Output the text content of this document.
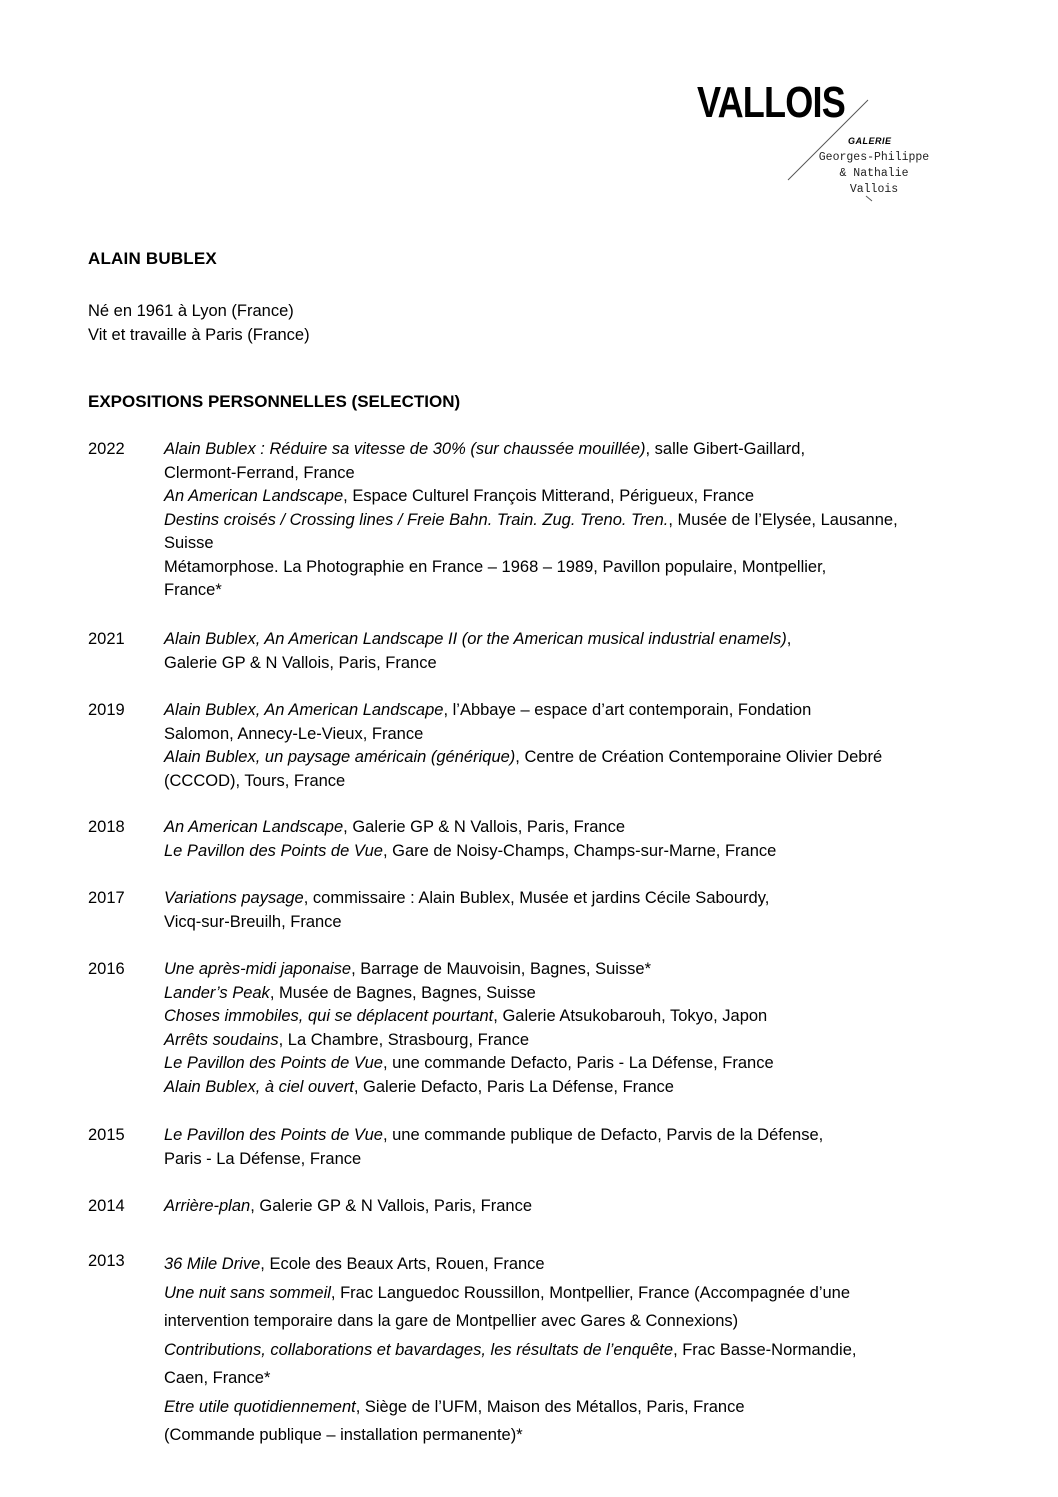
VALLOIS
GALERIE
Georges-Philippe
& Nathalie
Vallois
ALAIN BUBLEX
Né en 1961 à Lyon (France)
Vit et travaille à Paris (France)
EXPOSITIONS PERSONNELLES (SELECTION)
2022 Alain Bublex : Réduire sa vitesse de 30% (sur chaussée mouillée), salle Gibert-Gaillard,
Clermont-Ferrand, France
An American Landscape, Espace Culturel François Mitterand, Périgueux, France
Destins croisés / Crossing lines / Freie Bahn. Train. Zug. Treno. Tren., Musée de l’Elysée, Lausanne,
Suisse
Métamorphose. La Photographie en France – 1968 – 1989, Pavillon populaire, Montpellier,
France*
2021 Alain Bublex, An American Landscape II (or the American musical industrial enamels),
Galerie GP & N Vallois, Paris, France
2019 Alain Bublex, An American Landscape, l’Abbaye – espace d’art contemporain, Fondation
Salomon, Annecy-Le-Vieux, France
Alain Bublex, un paysage américain (générique), Centre de Création Contemporaine Olivier Debré
(CCCOD), Tours, France
2018 An American Landscape, Galerie GP & N Vallois, Paris, France
Le Pavillon des Points de Vue, Gare de Noisy-Champs, Champs-sur-Marne, France
2017 Variations paysage, commissaire : Alain Bublex, Musée et jardins Cécile Sabourdy,
Vicq-sur-Breuilh, France
2016 Une après-midi japonaise, Barrage de Mauvoisin, Bagnes, Suisse*
Lander’s Peak, Musée de Bagnes, Bagnes, Suisse
Choses immobiles, qui se déplacent pourtant, Galerie Atsukobarouh, Tokyo, Japon
Arrêts soudains, La Chambre, Strasbourg, France
Le Pavillon des Points de Vue, une commande Defacto, Paris - La Défense, France
Alain Bublex, à ciel ouvert, Galerie Defacto, Paris La Défense, France
2015 Le Pavillon des Points de Vue, une commande publique de Defacto, Parvis de la Défense,
Paris - La Défense, France
2014 Arrière-plan, Galerie GP & N Vallois, Paris, France
2013 36 Mile Drive, Ecole des Beaux Arts, Rouen, France
Une nuit sans sommeil, Frac Languedoc Roussillon, Montpellier, France (Accompagnée d’une
intervention temporaire dans la gare de Montpellier avec Gares & Connexions)
Contributions, collaborations et bavardages, les résultats de l’enquête, Frac Basse-Normandie,
Caen, France*
Etre utile quotidiennement, Siège de l’UFM, Maison des Métallos, Paris, France
(Commande publique – installation permanente)*
